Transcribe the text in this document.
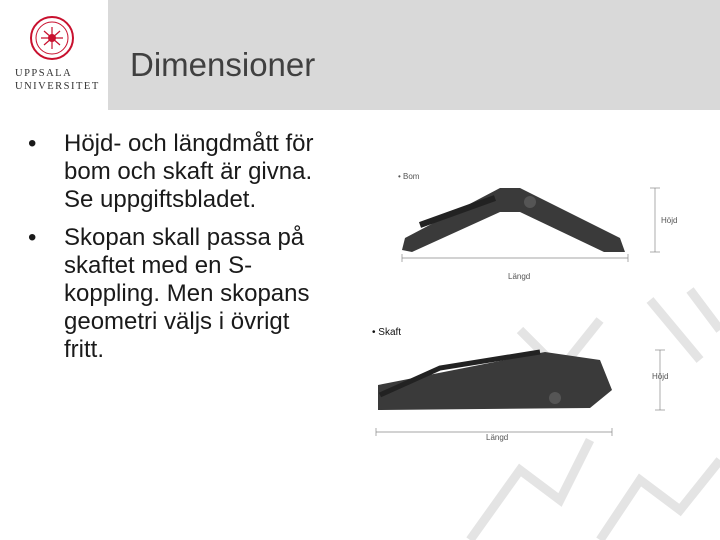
UPPSALA
UNIVERSITET
Dimensioner
• Höjd- och längdmått för bom och skaft är givna. Se uppgiftsbladet.
• Skopan skall passa på skaftet med en S-koppling. Men skopans geometri väljs i övrigt fritt.
• Bom
Höjd
Längd
• Skaft
Höjd
Längd
